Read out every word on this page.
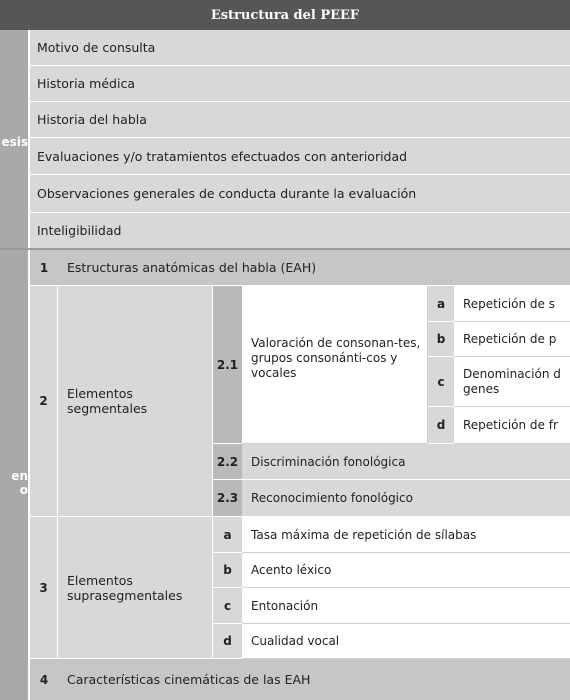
Estructura del PEEF
esis
en
o
Motivo de consulta
Historia médica
Historia del habla
Evaluaciones y/o tratamientos efectuados con anterioridad
Observaciones generales de conducta durante la evaluación
Inteligibilidad
1 Estructuras anatómicas del habla (EAH)
2 Elementos segmentales
2.1
Valoración de consonan-tes, grupos consonánti-cos y vocales
a Repetición de s
b Repetición de p
c
Denominación d genes
d Repetición de fr
2.2 Discriminación fonológica
2.3 Reconocimiento fonológico
3 Elementos suprasegmentales
a Tasa máxima de repetición de sílabas
b Acento léxico
c Entonación
d Cualidad vocal
4 Características cinemáticas de las EAH
